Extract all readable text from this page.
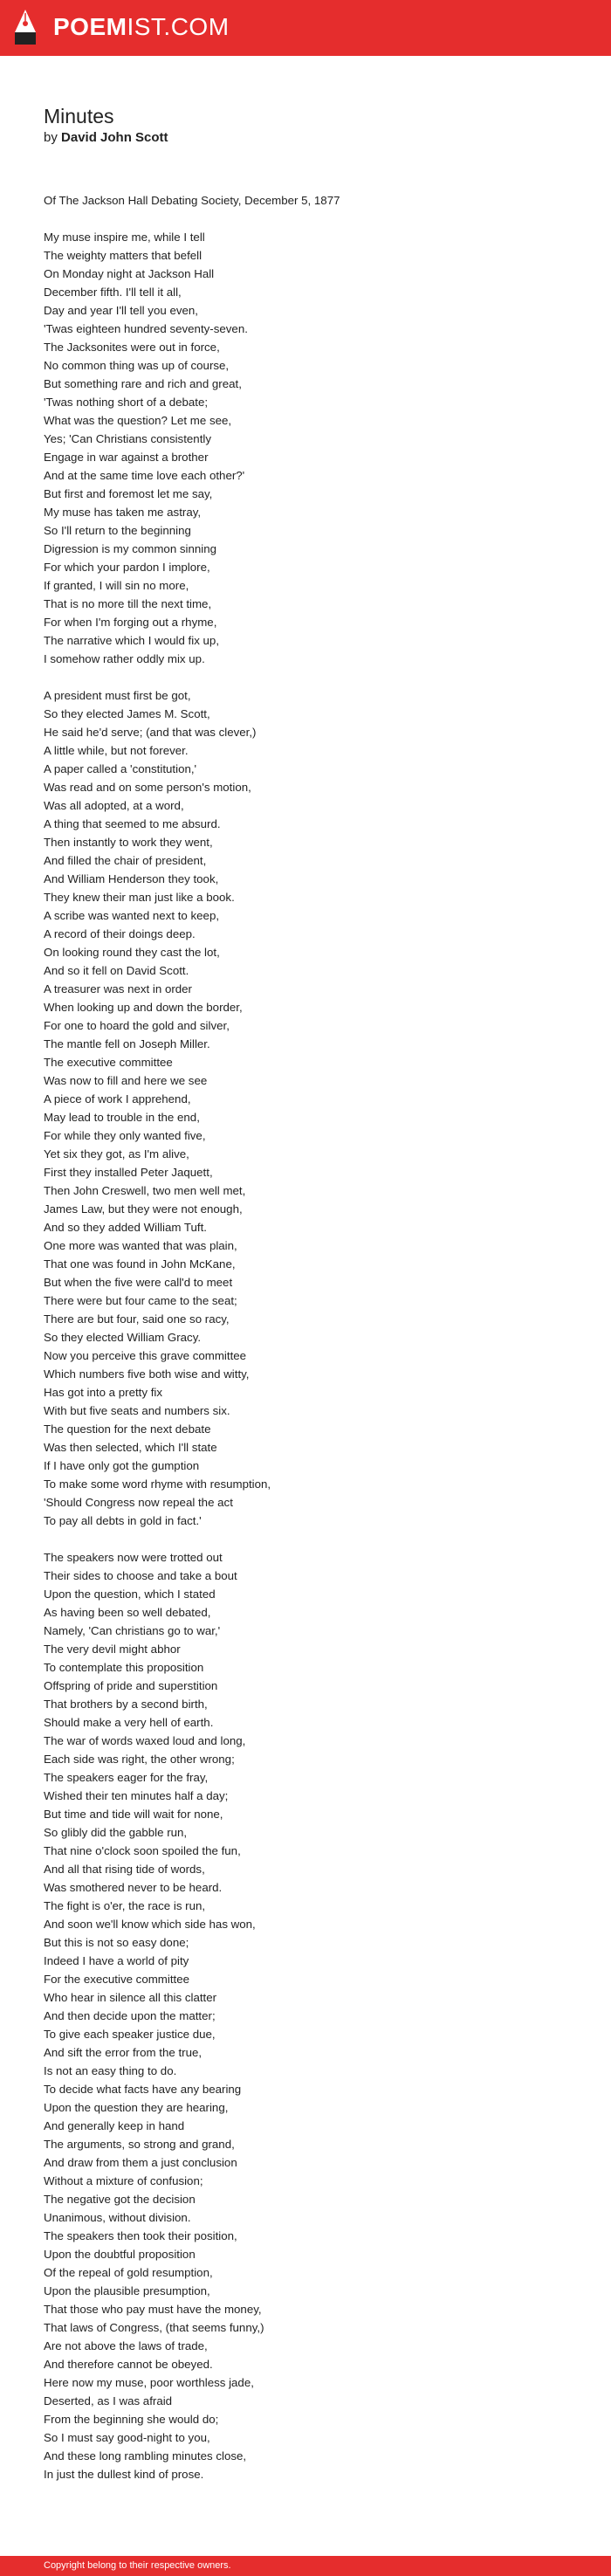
POEMIST.COM
Minutes
by David John Scott
Of The Jackson Hall Debating Society, December 5, 1877
My muse inspire me, while I tell
The weighty matters that befell
On Monday night at Jackson Hall
December fifth. I'll tell it all,
Day and year I'll tell you even,
'Twas eighteen hundred seventy-seven.
The Jacksonites were out in force,
No common thing was up of course,
But something rare and rich and great,
'Twas nothing short of a debate;
What was the question? Let me see,
Yes; 'Can Christians consistently
Engage in war against a brother
And at the same time love each other?'
But first and foremost let me say,
My muse has taken me astray,
So I'll return to the beginning
Digression is my common sinning
For which your pardon I implore,
If granted, I will sin no more,
That is no more till the next time,
For when I'm forging out a rhyme,
The narrative which I would fix up,
I somehow rather oddly mix up.
A president must first be got,
So they elected James M. Scott,
He said he'd serve; (and that was clever,)
A little while, but not forever.
A paper called a 'constitution,'
Was read and on some person's motion,
Was all adopted, at a word,
A thing that seemed to me absurd.
Then instantly to work they went,
And filled the chair of president,
And William Henderson they took,
They knew their man just like a book.
A scribe was wanted next to keep,
A record of their doings deep.
On looking round they cast the lot,
And so it fell on David Scott.
A treasurer was next in order
When looking up and down the border,
For one to hoard the gold and silver,
The mantle fell on Joseph Miller.
The executive committee
Was now to fill and here we see
A piece of work I apprehend,
May lead to trouble in the end,
For while they only wanted five,
Yet six they got, as I'm alive,
First they installed Peter Jaquett,
Then John Creswell, two men well met,
James Law, but they were not enough,
And so they added William Tuft.
One more was wanted that was plain,
That one was found in John McKane,
But when the five were call'd to meet
There were but four came to the seat;
There are but four, said one so racy,
So they elected William Gracy.
Now you perceive this grave committee
Which numbers five both wise and witty,
Has got into a pretty fix
With but five seats and numbers six.
The question for the next debate
Was then selected, which I'll state
If I have only got the gumption
To make some word rhyme with resumption,
'Should Congress now repeal the act
To pay all debts in gold in fact.'
The speakers now were trotted out
Their sides to choose and take a bout
Upon the question, which I stated
As having been so well debated,
Namely, 'Can christians go to war,'
The very devil might abhor
To contemplate this proposition
Offspring of pride and superstition
That brothers by a second birth,
Should make a very hell of earth.
The war of words waxed loud and long,
Each side was right, the other wrong;
The speakers eager for the fray,
Wished their ten minutes half a day;
But time and tide will wait for none,
So glibly did the gabble run,
That nine o'clock soon spoiled the fun,
And all that rising tide of words,
Was smothered never to be heard.
The fight is o'er, the race is run,
And soon we'll know which side has won,
But this is not so easy done;
Indeed I have a world of pity
For the executive committee
Who hear in silence all this clatter
And then decide upon the matter;
To give each speaker justice due,
And sift the error from the true,
Is not an easy thing to do.
To decide what facts have any bearing
Upon the question they are hearing,
And generally keep in hand
The arguments, so strong and grand,
And draw from them a just conclusion
Without a mixture of confusion;
The negative got the decision
Unanimous, without division.
The speakers then took their position,
Upon the doubtful proposition
Of the repeal of gold resumption,
Upon the plausible presumption,
That those who pay must have the money,
That laws of Congress, (that seems funny,)
Are not above the laws of trade,
And therefore cannot be obeyed.
Here now my muse, poor worthless jade,
Deserted, as I was afraid
From the beginning she would do;
So I must say good-night to you,
And these long rambling minutes close,
In just the dullest kind of prose.
Copyright belong to their respective owners.
